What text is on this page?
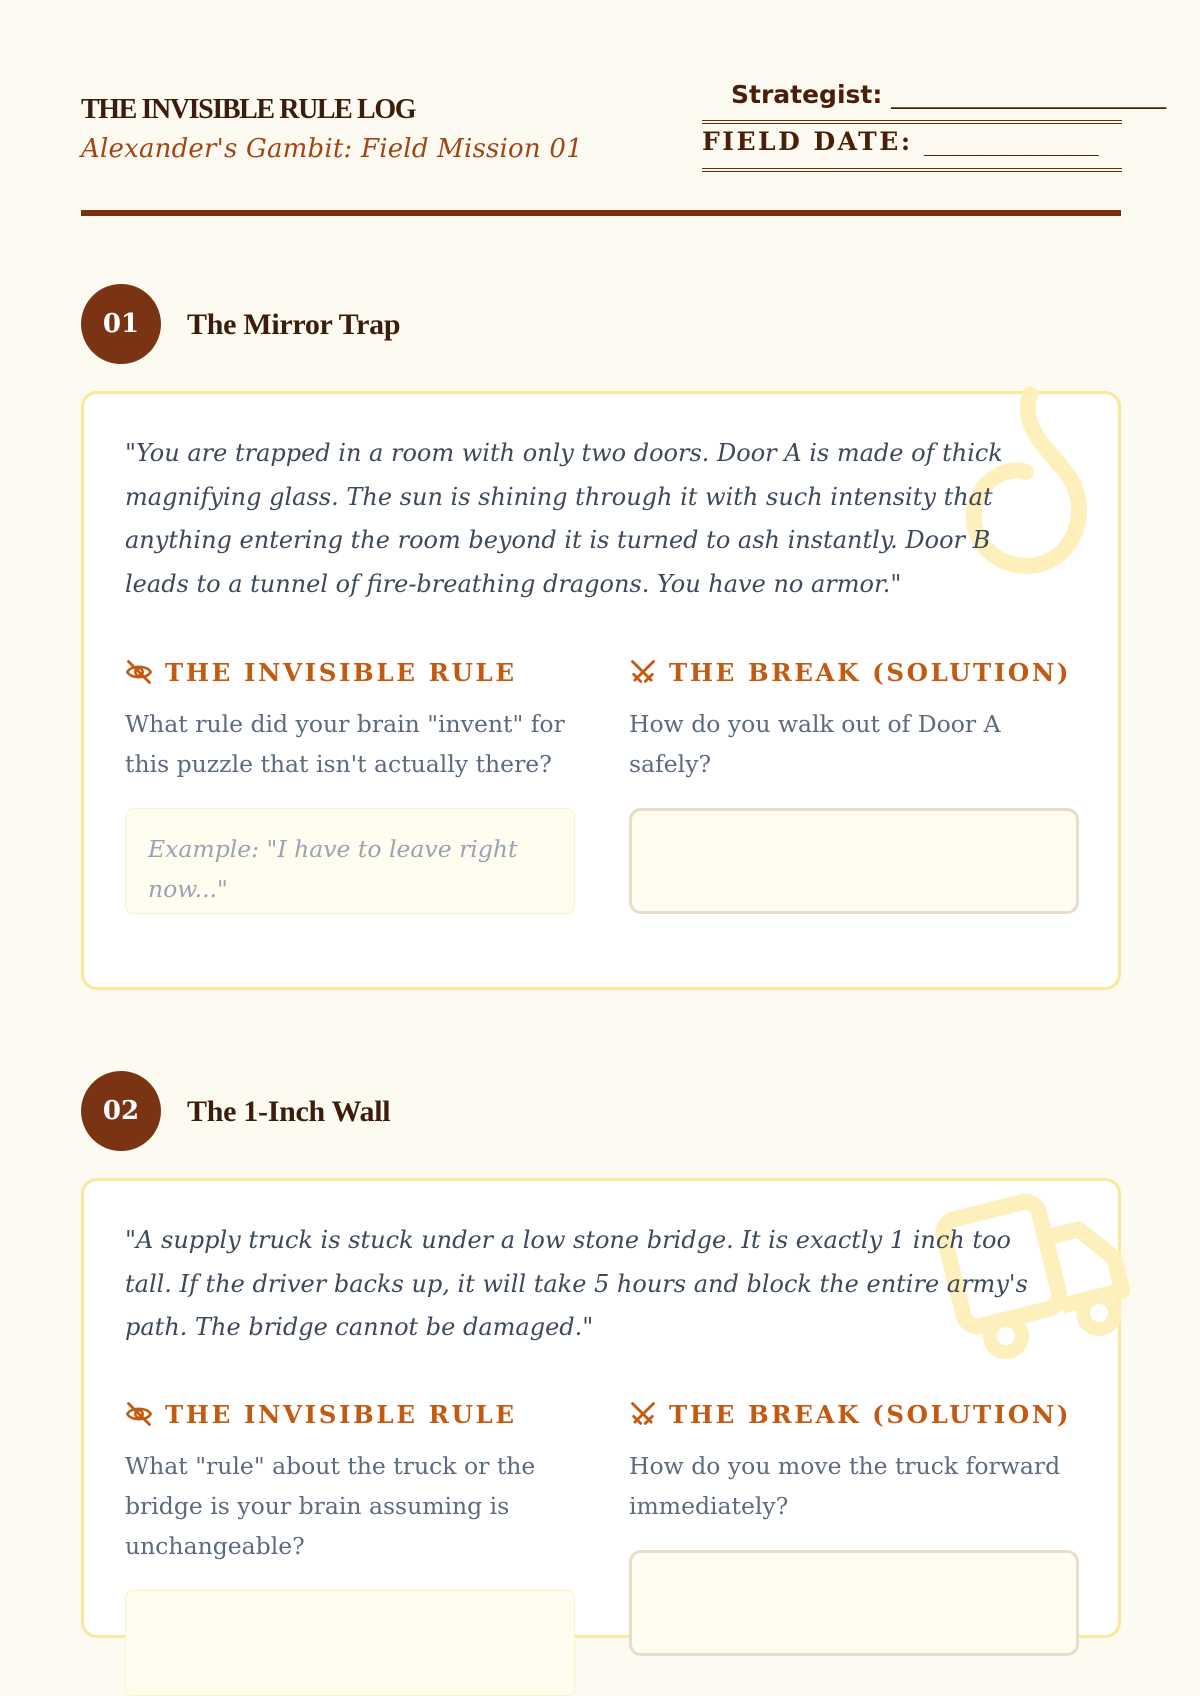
THE INVISIBLE RULE LOG
Alexander's Gambit: Field Mission 01
Strategist: ______________________
FIELD DATE: ______________
01	The Mirror Trap
"You are trapped in a room with only two doors. Door A is made of thick magnifying glass. The sun is shining through it with such intensity that anything entering the room beyond it is turned to ash instantly. Door B leads to a tunnel of fire-breathing dragons. You have no armor."
THE INVISIBLE RULE
What rule did your brain "invent" for this puzzle that isn't actually there?
Example: "I have to leave right now..."
THE BREAK (SOLUTION)
How do you walk out of Door A safely?
02	The 1-Inch Wall
"A supply truck is stuck under a low stone bridge. It is exactly 1 inch too tall. If the driver backs up, it will take 5 hours and block the entire army's path. The bridge cannot be damaged."
THE INVISIBLE RULE
What "rule" about the truck or the bridge is your brain assuming is unchangeable?
THE BREAK (SOLUTION)
How do you move the truck forward immediately?
